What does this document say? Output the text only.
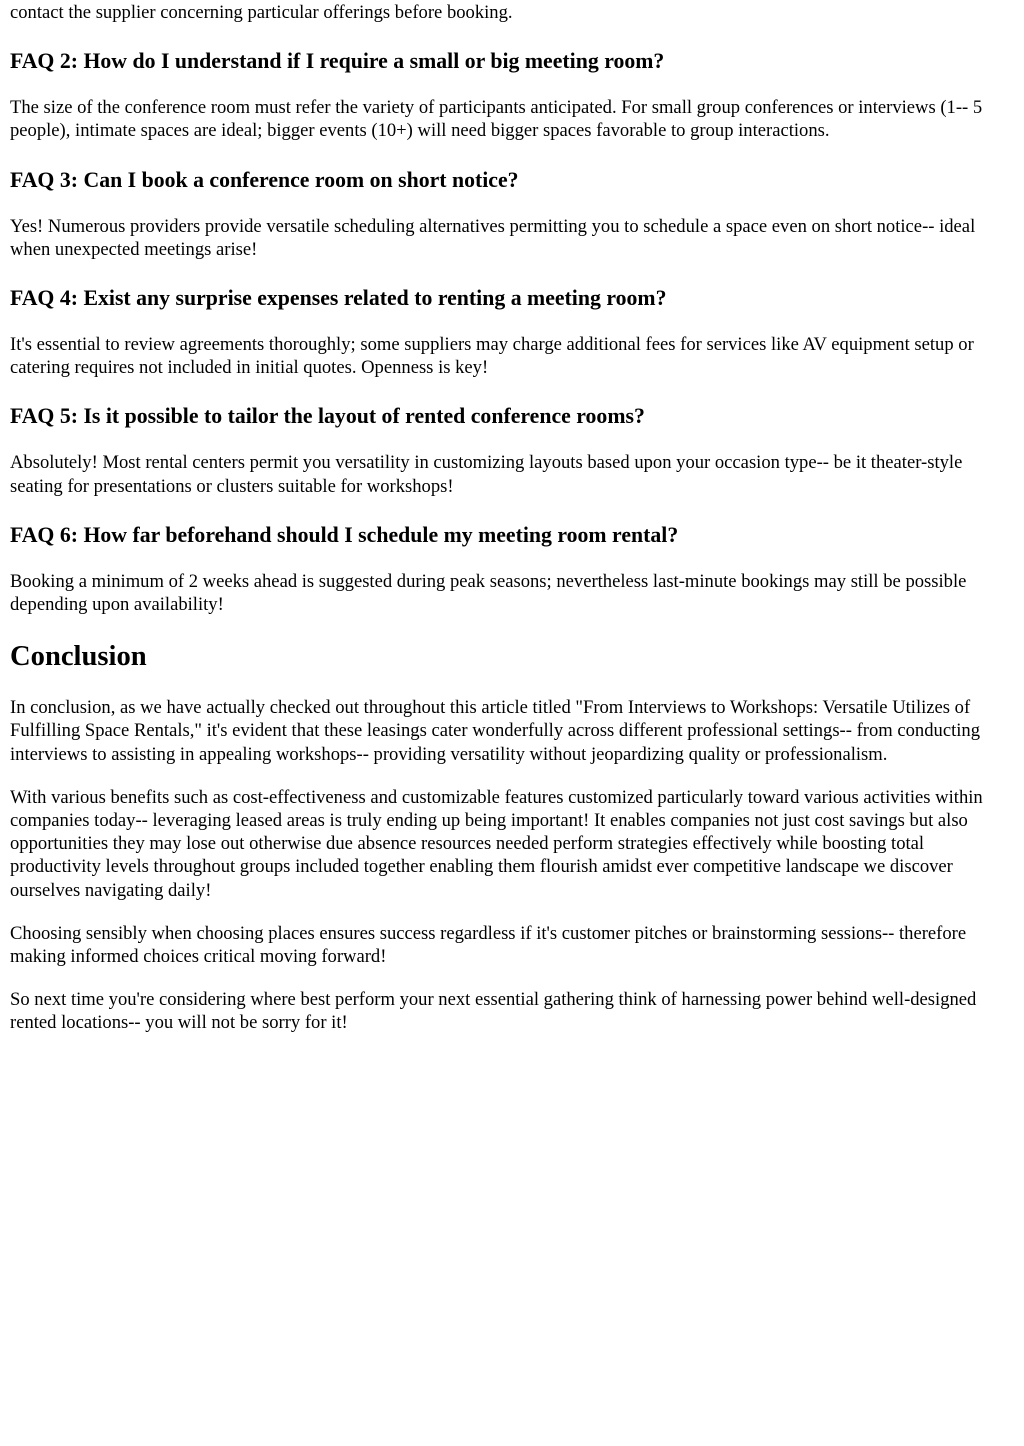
contact the supplier concerning particular offerings before booking.

FAQ 2: How do I understand if I require a small or big meeting room?

The size of the conference room must refer the variety of participants anticipated. For small group conferences or interviews (1-- 5 people), intimate spaces are ideal; bigger events (10+) will need bigger spaces favorable to group interactions.

FAQ 3: Can I book a conference room on short notice?

Yes! Numerous providers provide versatile scheduling alternatives permitting you to schedule a space even on short notice-- ideal when unexpected meetings arise!

FAQ 4: Exist any surprise expenses related to renting a meeting room?

It's essential to review agreements thoroughly; some suppliers may charge additional fees for services like AV equipment setup or catering requires not included in initial quotes. Openness is key!

FAQ 5: Is it possible to tailor the layout of rented conference rooms?

Absolutely! Most rental centers permit you versatility in customizing layouts based upon your occasion type-- be it theater-style seating for presentations or clusters suitable for workshops!

FAQ 6: How far beforehand should I schedule my meeting room rental?

Booking a minimum of 2 weeks ahead is suggested during peak seasons; nevertheless last-minute bookings may still be possible depending upon availability!

Conclusion

In conclusion, as we have actually checked out throughout this article titled "From Interviews to Workshops: Versatile Utilizes of Fulfilling Space Rentals," it's evident that these leasings cater wonderfully across different professional settings-- from conducting interviews to assisting in appealing workshops-- providing versatility without jeopardizing quality or professionalism.

With various benefits such as cost-effectiveness and customizable features customized particularly toward various activities within companies today-- leveraging leased areas is truly ending up being important! It enables companies not just cost savings but also opportunities they may lose out otherwise due absence resources needed perform strategies effectively while boosting total productivity levels throughout groups included together enabling them flourish amidst ever competitive landscape we discover ourselves navigating daily!

Choosing sensibly when choosing places ensures success regardless if it's customer pitches or brainstorming sessions-- therefore making informed choices critical moving forward!

So next time you're considering where best perform your next essential gathering think of harnessing power behind well-designed rented locations-- you will not be sorry for it!
